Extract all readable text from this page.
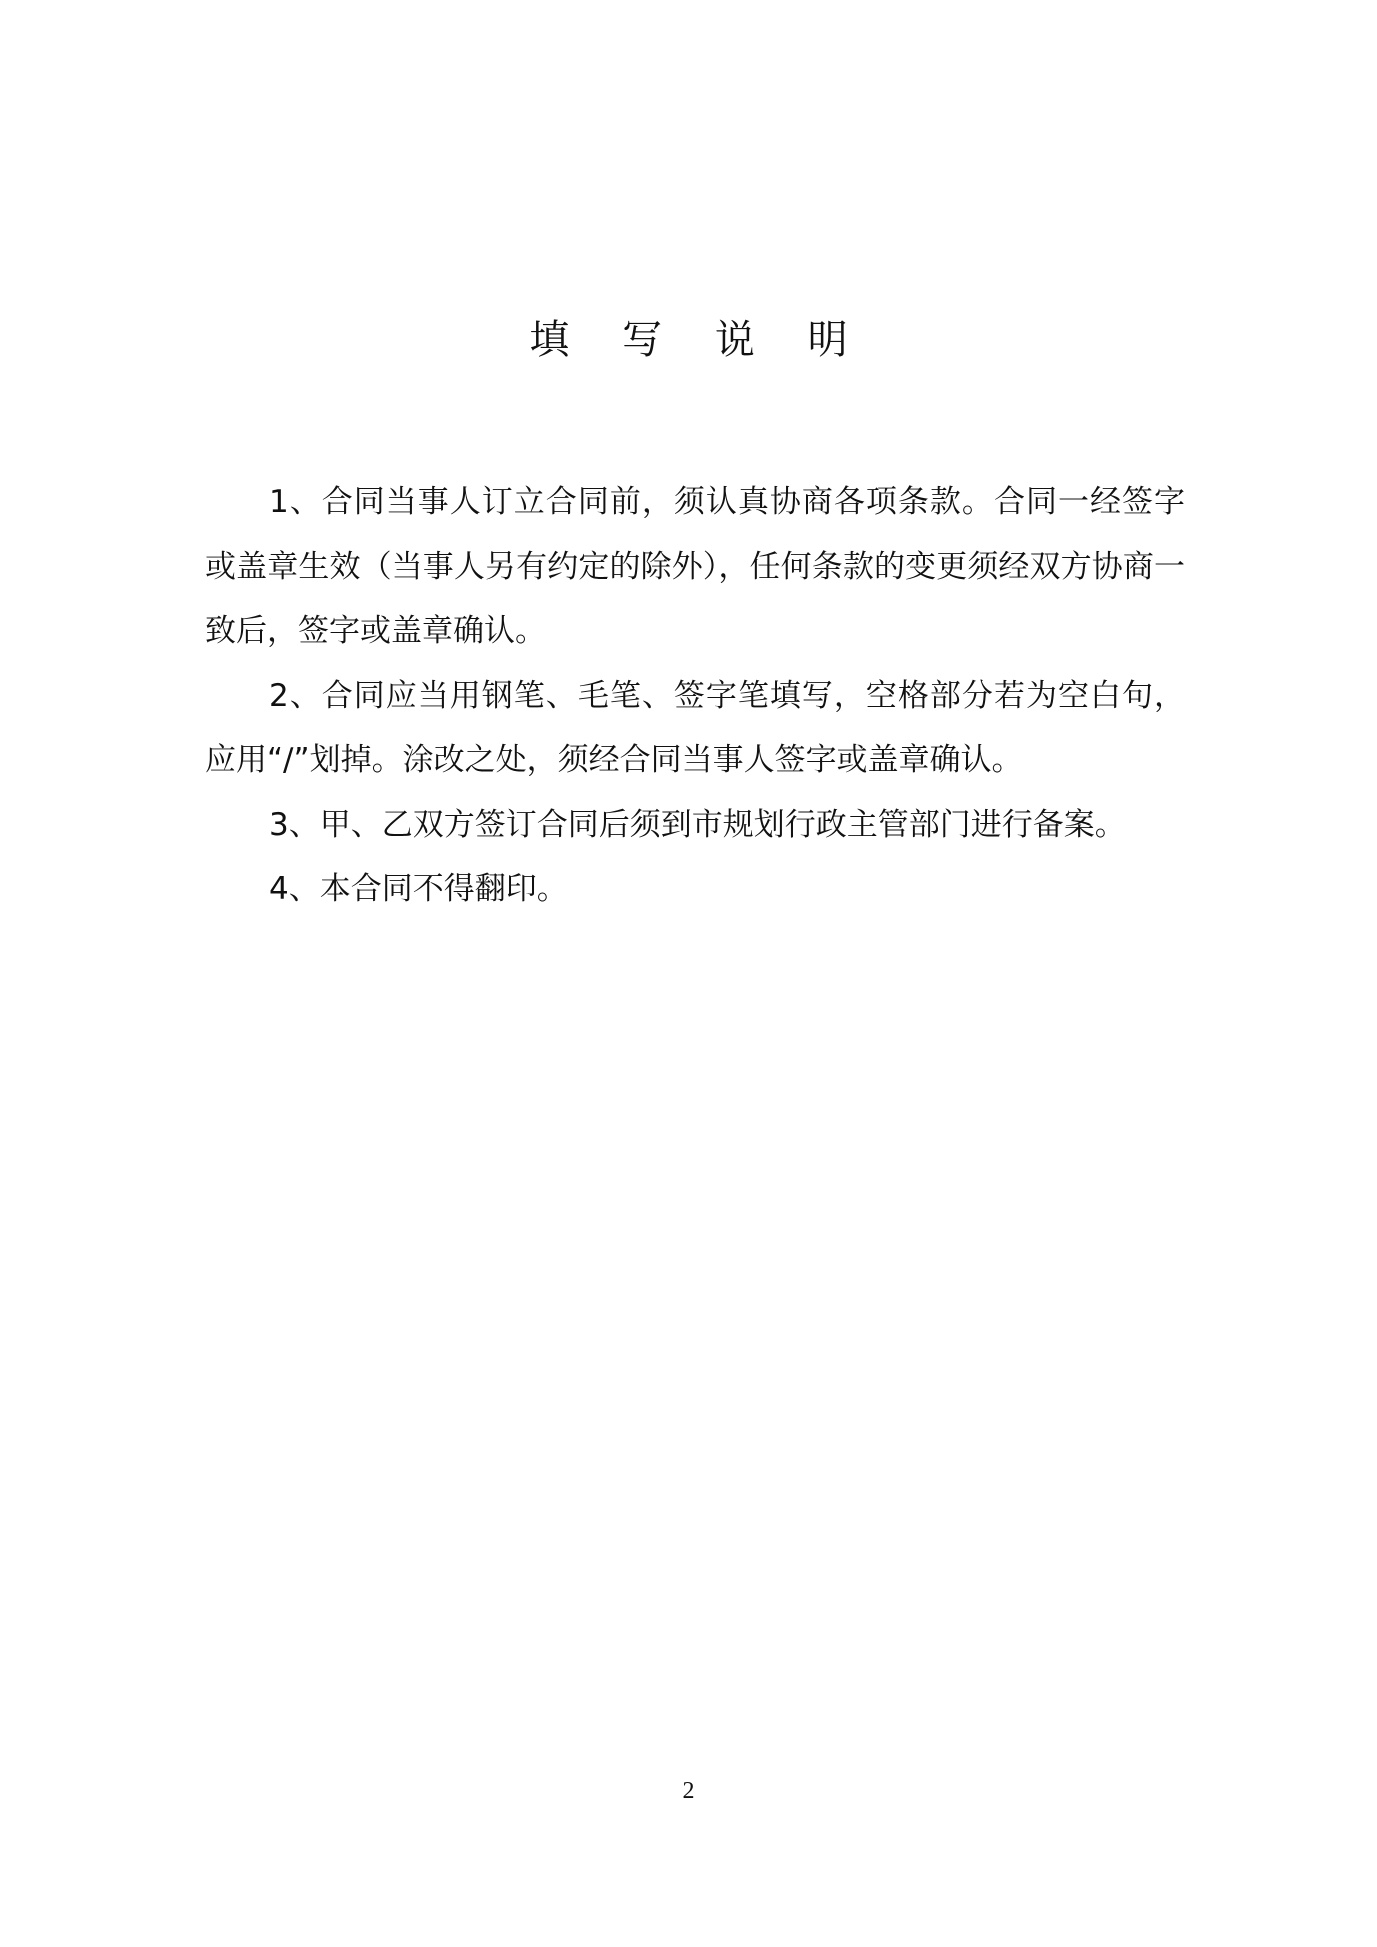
填 写 说 明

1、合同当事人订立合同前，须认真协商各项条款。合同一经签字或盖章生效（当事人另有约定的除外），任何条款的变更须经双方协商一致后，签字或盖章确认。

2、合同应当用钢笔、毛笔、签字笔填写，空格部分若为空白句，应用“/”划掉。涂改之处，须经合同当事人签字或盖章确认。

3、甲、乙双方签订合同后须到市规划行政主管部门进行备案。

4、本合同不得翻印。

2
